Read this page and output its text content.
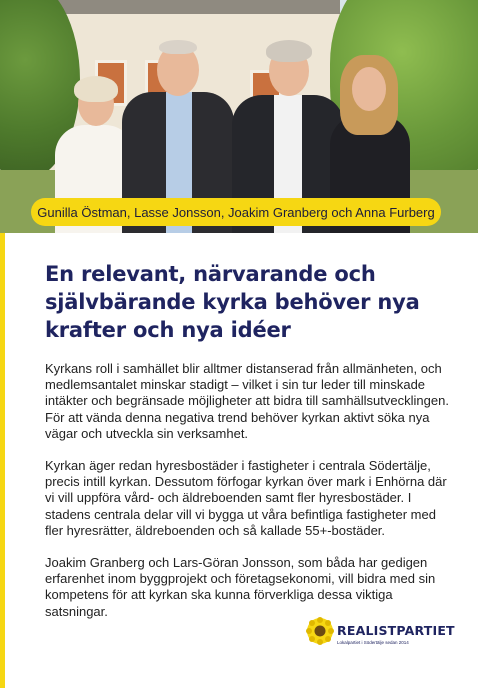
Gunilla Östman, Lasse Jonsson, Joakim Granberg och Anna Furberg
En relevant, närvarande och självbärande kyrka behöver nya krafter och nya idéer

Kyrkans roll i samhället blir alltmer distanserad från allmänheten, och medlemsantalet minskar stadigt – vilket i sin tur leder till minskade intäkter och begränsade möjligheter att bidra till samhällsutvecklingen. För att vända denna negativa trend behöver kyrkan aktivt söka nya vägar och utveckla sin verksamhet.

Kyrkan äger redan hyresbostäder i fastigheter i centrala Södertälje, precis intill kyrkan. Dessutom förfogar kyrkan över mark i Enhörna där vi vill uppföra vård- och äldreboenden samt fler hyresbostäder. I stadens centrala delar vill vi bygga ut våra befintliga fastigheter med fler hyresrätter, äldreboenden och så kallade 55+-bostäder.

Joakim Granberg och Lars-Göran Jonsson, som båda har gedigen erfarenhet inom byggprojekt och företagsekonomi, vill bidra med sin kompetens för att kyrkan ska kunna förverkliga dessa viktiga satsningar.

REALISTPARTIET
Lokalpartiet i Södertälje sedan 2014
